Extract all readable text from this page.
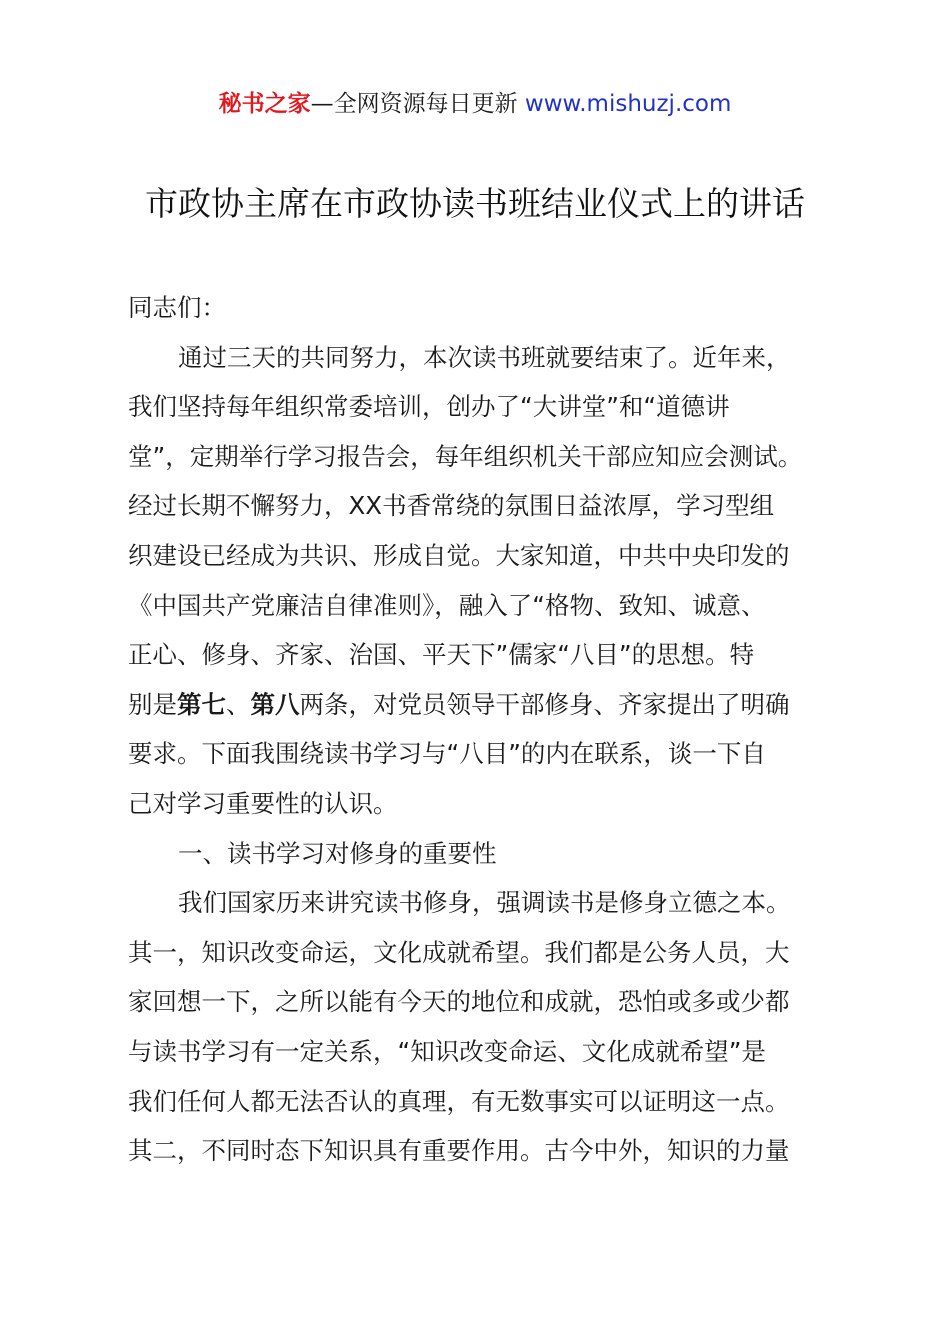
秘书之家—全网资源每日更新 www.mishuzj.com
市政协主席在市政协读书班结业仪式上的讲话
同志们：
通过三天的共同努力，本次读书班就要结束了。近年来，
我们坚持每年组织常委培训，创办了“大讲堂”和“道德讲
堂”，定期举行学习报告会，每年组织机关干部应知应会测试。
经过长期不懈努力，XX书香常绕的氛围日益浓厚，学习型组
织建设已经成为共识、形成自觉。大家知道，中共中央印发的
《中国共产党廉洁自律准则》，融入了“格物、致知、诚意、
正心、修身、齐家、治国、平天下”儒家“八目”的思想。特
别是第七、第八两条，对党员领导干部修身、齐家提出了明确
要求。下面我围绕读书学习与“八目”的内在联系，谈一下自
己对学习重要性的认识。
一、读书学习对修身的重要性
我们国家历来讲究读书修身，强调读书是修身立德之本。
其一，知识改变命运，文化成就希望。我们都是公务人员，大
家回想一下，之所以能有今天的地位和成就，恐怕或多或少都
与读书学习有一定关系，“知识改变命运、文化成就希望”是
我们任何人都无法否认的真理，有无数事实可以证明这一点。
其二，不同时态下知识具有重要作用。古今中外，知识的力量
